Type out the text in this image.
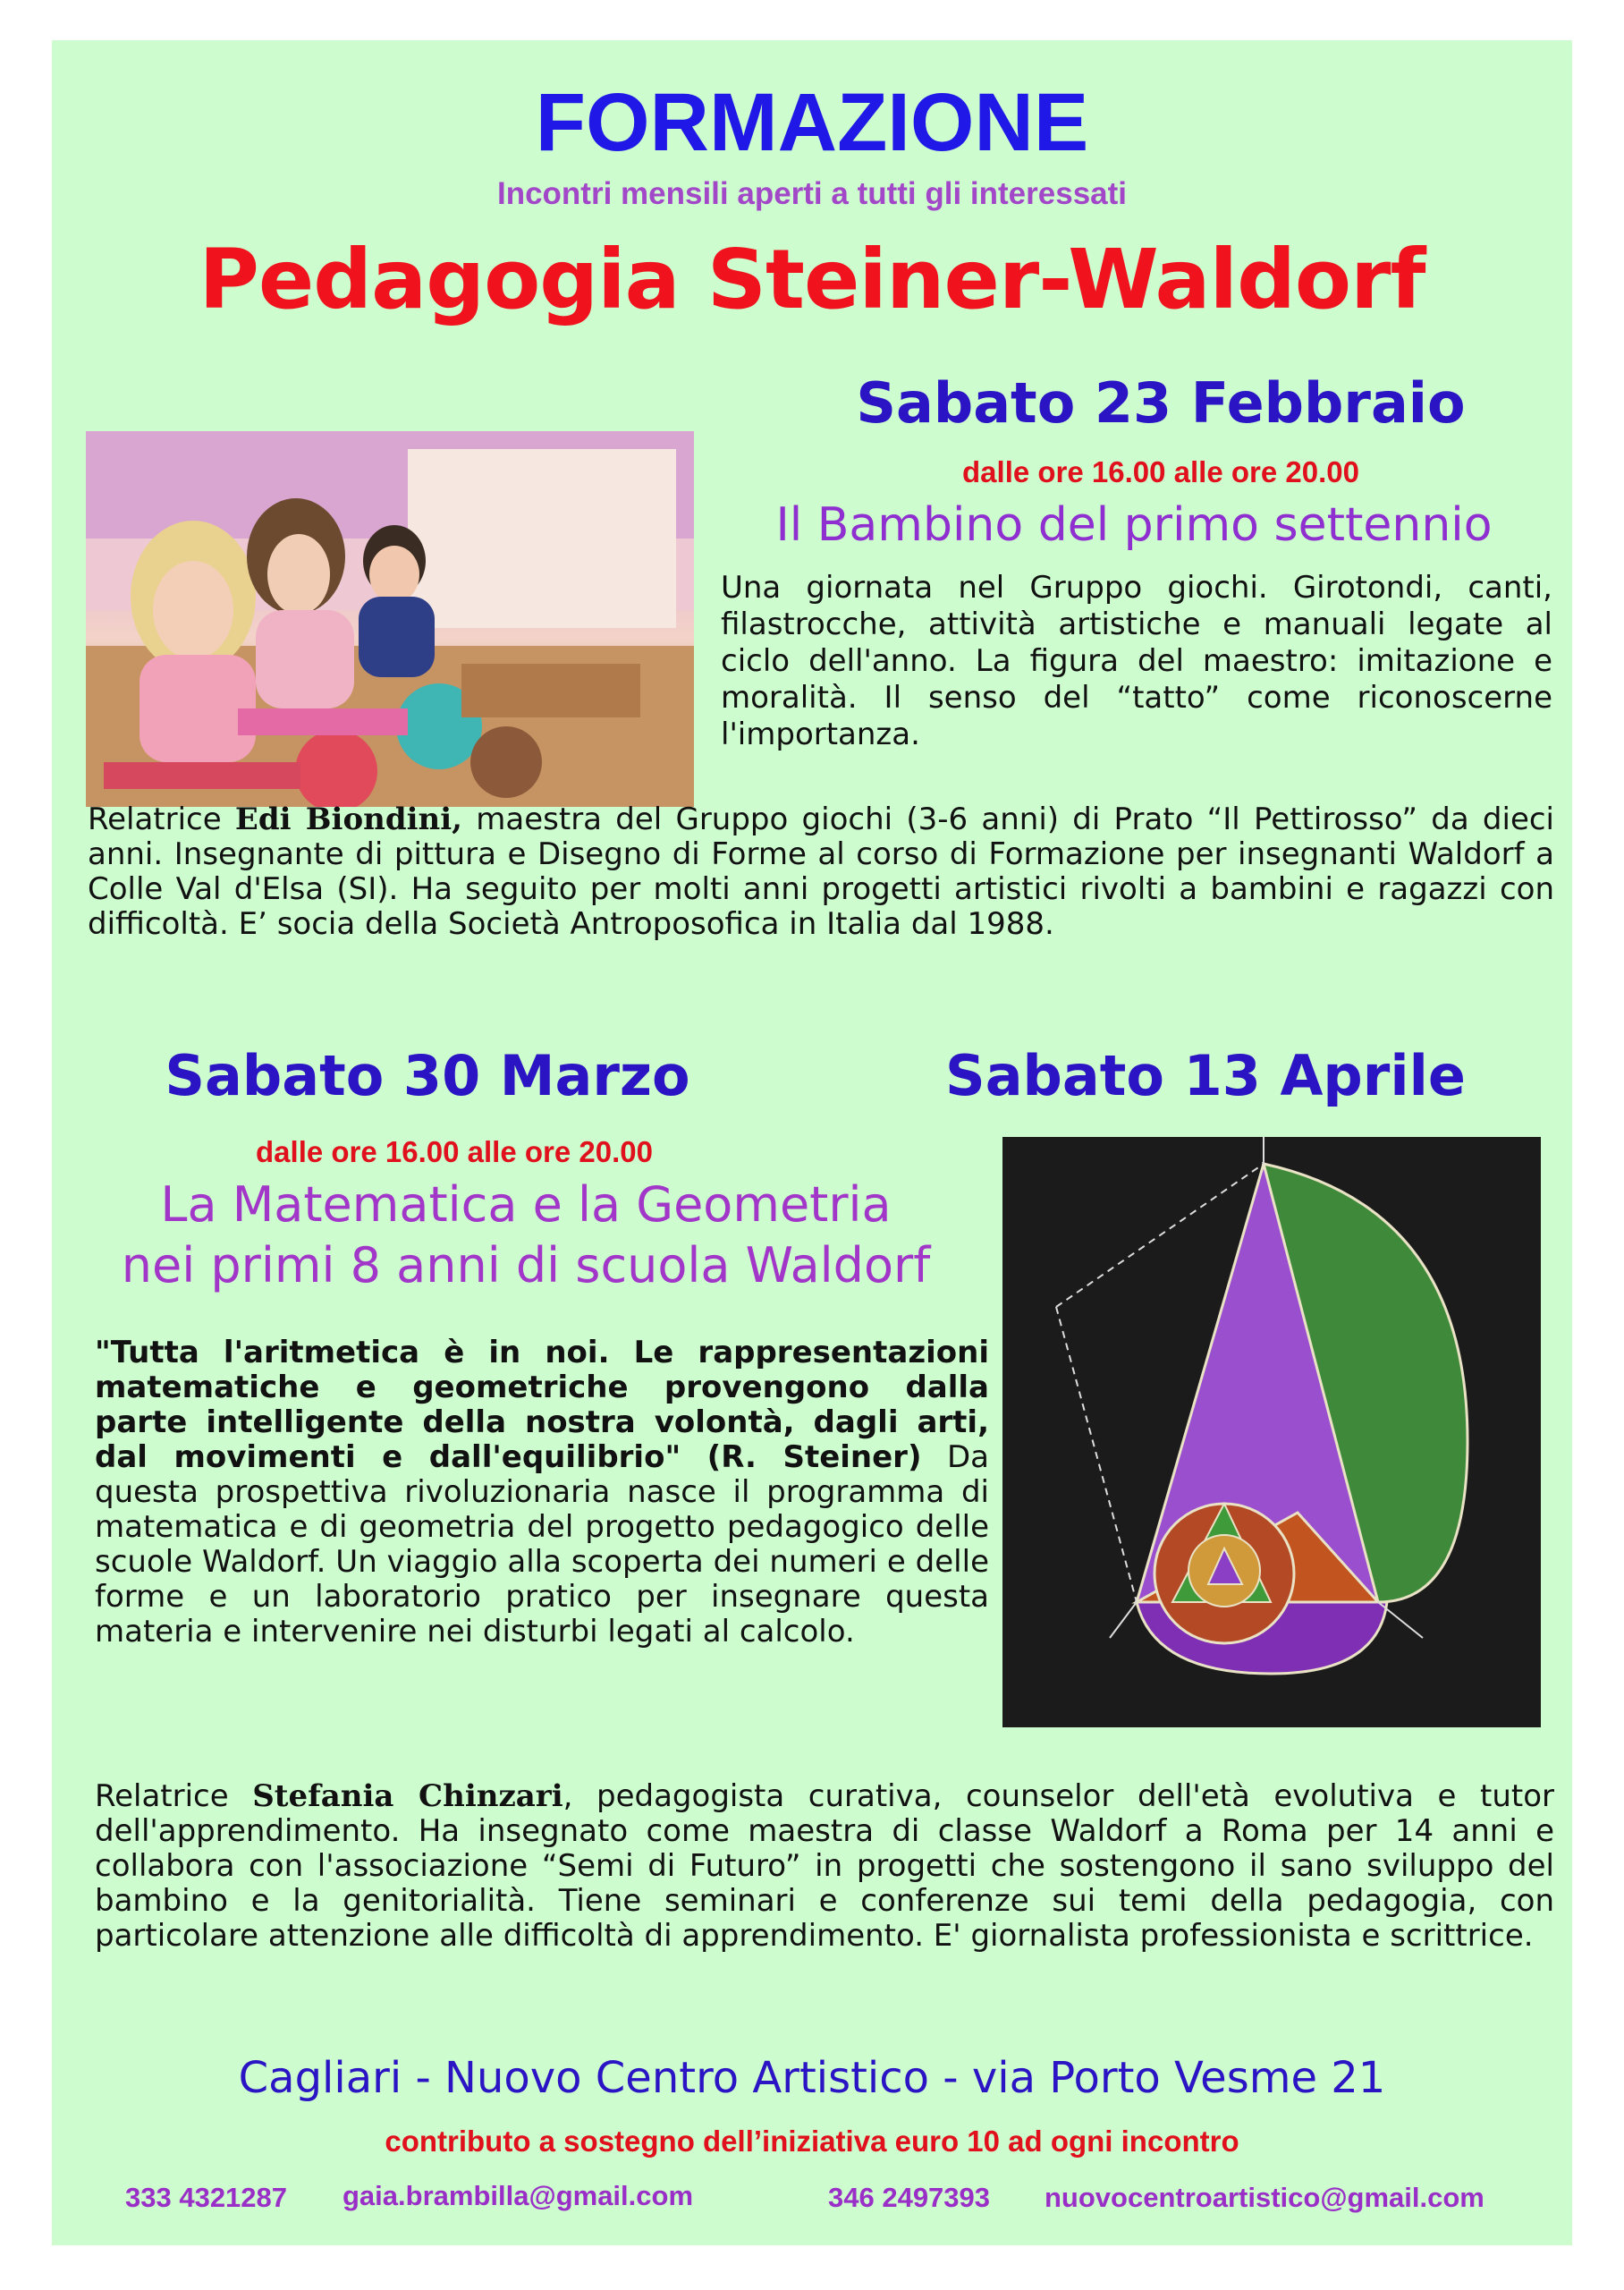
FORMAZIONE
Incontri mensili aperti a tutti gli interessati
Pedagogia Steiner-Waldorf
Sabato 23 Febbraio
dalle ore 16.00 alle ore 20.00
Il Bambino del primo settennio
Una giornata nel Gruppo giochi. Girotondi, canti, filastrocche, attività artistiche e manuali legate al ciclo dell'anno. La figura del maestro: imitazione e moralità. Il senso del “tatto” come riconoscerne l'importanza.
Relatrice Edi Biondini, maestra del Gruppo giochi (3-6 anni) di Prato “Il Pettirosso” da dieci anni. Insegnante di pittura e Disegno di Forme al corso di Formazione per insegnanti Waldorf a Colle Val d'Elsa (SI). Ha seguito per molti anni progetti artistici rivolti a bambini e ragazzi con difficoltà. E’ socia della Società Antroposofica in Italia dal 1988.
Sabato 30 Marzo	Sabato 13 Aprile
dalle ore 16.00 alle ore 20.00
La Matematica e la Geometria
nei primi 8 anni di scuola Waldorf
"Tutta l'aritmetica è in noi. Le rappresentazioni matematiche e geometriche provengono dalla parte intelligente della nostra volontà, dagli arti, dal movimenti e dall'equilibrio" (R. Steiner) Da questa prospettiva rivoluzionaria nasce il programma di matematica e di geometria del progetto pedagogico delle scuole Waldorf. Un viaggio alla scoperta dei numeri e delle forme e un laboratorio pratico per insegnare questa materia e intervenire nei disturbi legati al calcolo.
Relatrice Stefania Chinzari, pedagogista curativa, counselor dell'età evolutiva e tutor dell'apprendimento. Ha insegnato come maestra di classe Waldorf a Roma per 14 anni e collabora con l'associazione “Semi di Futuro” in progetti che sostengono il sano sviluppo del bambino e la genitorialità. Tiene seminari e conferenze sui temi della pedagogia, con particolare attenzione alle difficoltà di apprendimento. E' giornalista professionista e scrittrice.
Cagliari - Nuovo Centro Artistico - via Porto Vesme 21
contributo a sostegno dell’iniziativa euro 10 ad ogni incontro
333 4321287 gaia.brambilla@gmail.com	346 2497393 nuovocentroartistico@gmail.com
